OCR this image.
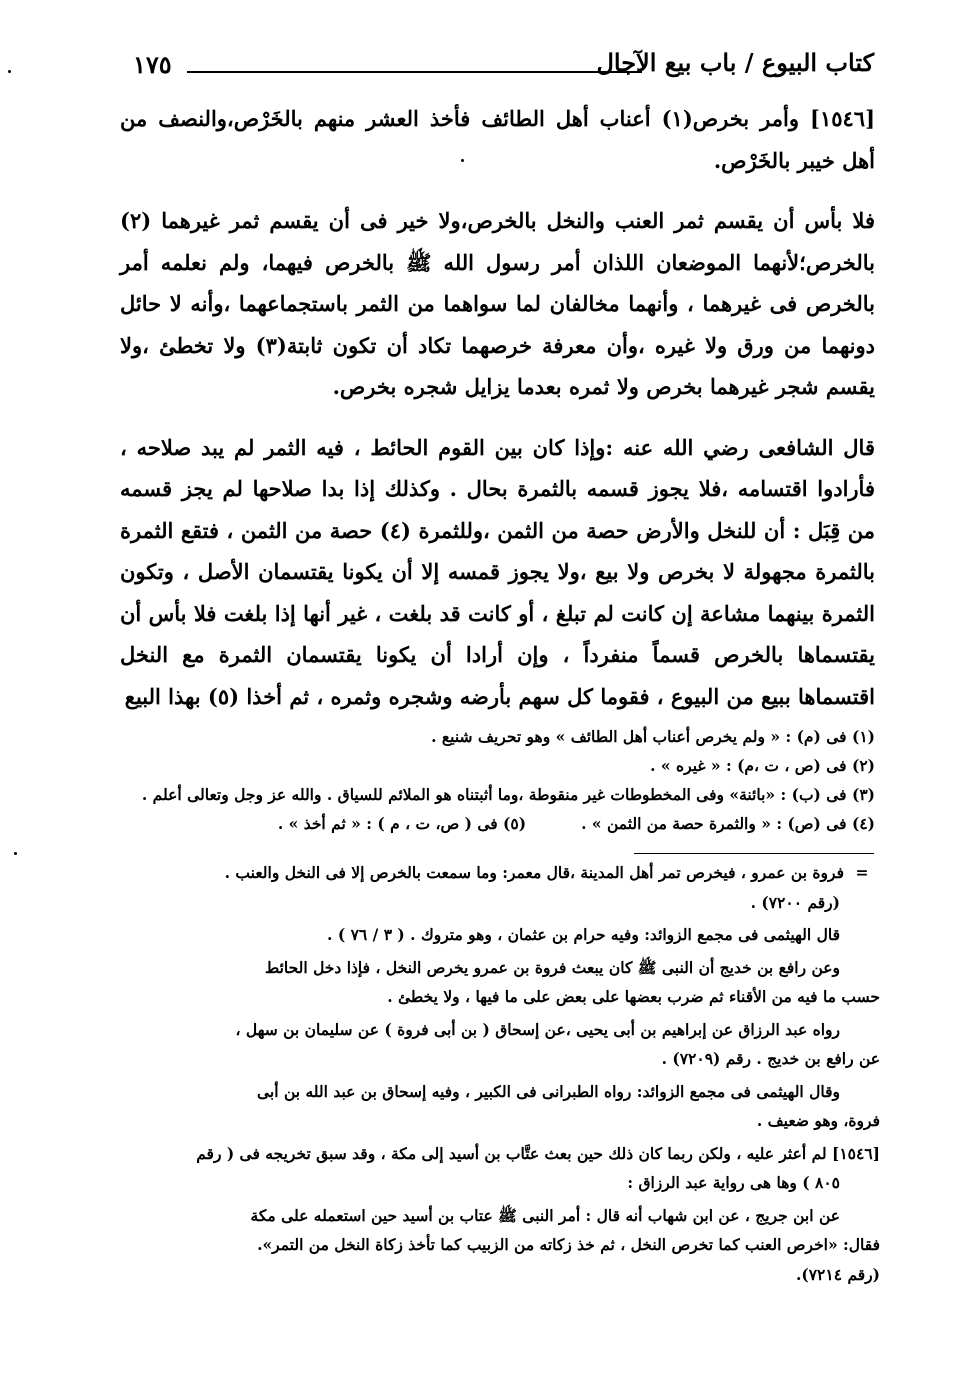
١٧٥	كتاب البيوع / باب بيع الآجال

[١٥٤٦] وأمر بخرص(١) أعناب أهل الطائف فأخذ العشر منهم بالخَرْص،والنصف من أهل خيبر بالخَرْص.

فلا بأس أن يقسم ثمر العنب والنخل بالخرص،ولا خير فى أن يقسم ثمر غيرهما (٢) بالخرص؛لأنهما الموضعان اللذان أمر رسول الله ﷺ بالخرص فيهما، ولم نعلمه أمر بالخرص فى غيرهما ، وأنهما مخالفان لما سواهما من الثمر باستجماعهما ،وأنه لا حائل دونهما من ورق ولا غيره ،وأن معرفة خرصهما تكاد أن تكون ثابتة(٣) ولا تخطئ ،ولا يقسم شجر غيرهما بخرص ولا ثمره بعدما يزايل شجره بخرص.

قال الشافعى رضي الله عنه :وإذا كان بين القوم الحائط ، فيه الثمر لم يبد صلاحه ، فأرادوا اقتسامه ،فلا يجوز قسمه بالثمرة بحال . وكذلك إذا بدا صلاحها لم يجز قسمه من قِبَل : أن للنخل والأرض حصة من الثمن ،وللثمرة (٤) حصة من الثمن ، فتقع الثمرة بالثمرة مجهولة لا بخرص ولا بيع ،ولا يجوز قمسه إلا أن يكونا يقتسمان الأصل ، وتكون الثمرة بينهما مشاعة إن كانت لم تبلغ ، أو كانت قد بلغت ، غير أنها إذا بلغت فلا بأس أن يقتسماها بالخرص قسماً منفرداً ، وإن أرادا أن يكونا يقتسمان الثمرة مع النخل اقتسماها ببيع من البيوع ، فقوما كل سهم بأرضه وشجره وثمره ، ثم أخذا (٥) بهذا البيع

(١) فى (م) : « ولم يخرص أعناب أهل الطائف » وهو تحريف شنيع .
(٢) فى (ص ، ت ،م) : « غيره » .
(٣) فى (ب) : «بائنة» وفى المخطوطات غير منقوطة ،وما أثبتناه هو الملائم للسياق . والله عز وجل وتعالى أعلم .
(٤) فى (ص) : « والثمرة حصة من الثمن » .
(٥) فى ( ص، ت ، م ) : « ثم أخذ » .
=فروة بن عمرو ، فيخرص تمر أهل المدينة ،قال معمر: وما سمعت بالخرص إلا فى النخل والعنب .
(رقم ٧٢٠٠) .
قال الهيثمى فى مجمع الزوائد: وفيه حرام بن عثمان ، وهو متروك . ( ٣ / ٧٦ ) .
وعن رافع بن خديج أن النبى ﷺ كان يبعث فروة بن عمرو يخرص النخل ، فإذا دخل الحائط
حسب ما فيه من الأقناء ثم ضرب بعضها على بعض على ما فيها ، ولا يخطئ .
رواه عبد الرزاق عن إبراهيم بن أبى يحيى ،عن إسحاق ( بن أبى فروة ) عن سليمان بن سهل ،
عن رافع بن خديج . رقم (٧٢٠٩) .
وقال الهيثمى فى مجمع الزوائد: رواه الطبرانى فى الكبير ، وفيه إسحاق بن عبد الله بن أبى
فروة، وهو ضعيف .
[١٥٤٦] لم أعثر عليه ، ولكن ربما كان ذلك حين بعث عتَّاب بن أسيد إلى مكة ، وقد سبق تخريجه فى ( رقم
٨٠٥ ) وها هى رواية عبد الرزاق :
عن ابن جريج ، عن ابن شهاب أنه قال : أمر النبى ﷺ عتاب بن أسيد حين استعمله على مكة
فقال: «اخرص العنب كما تخرص النخل ، ثم خذ زكاته من الزبيب كما تأخذ زكاة النخل من التمر».
(رقم ٧٢١٤).
